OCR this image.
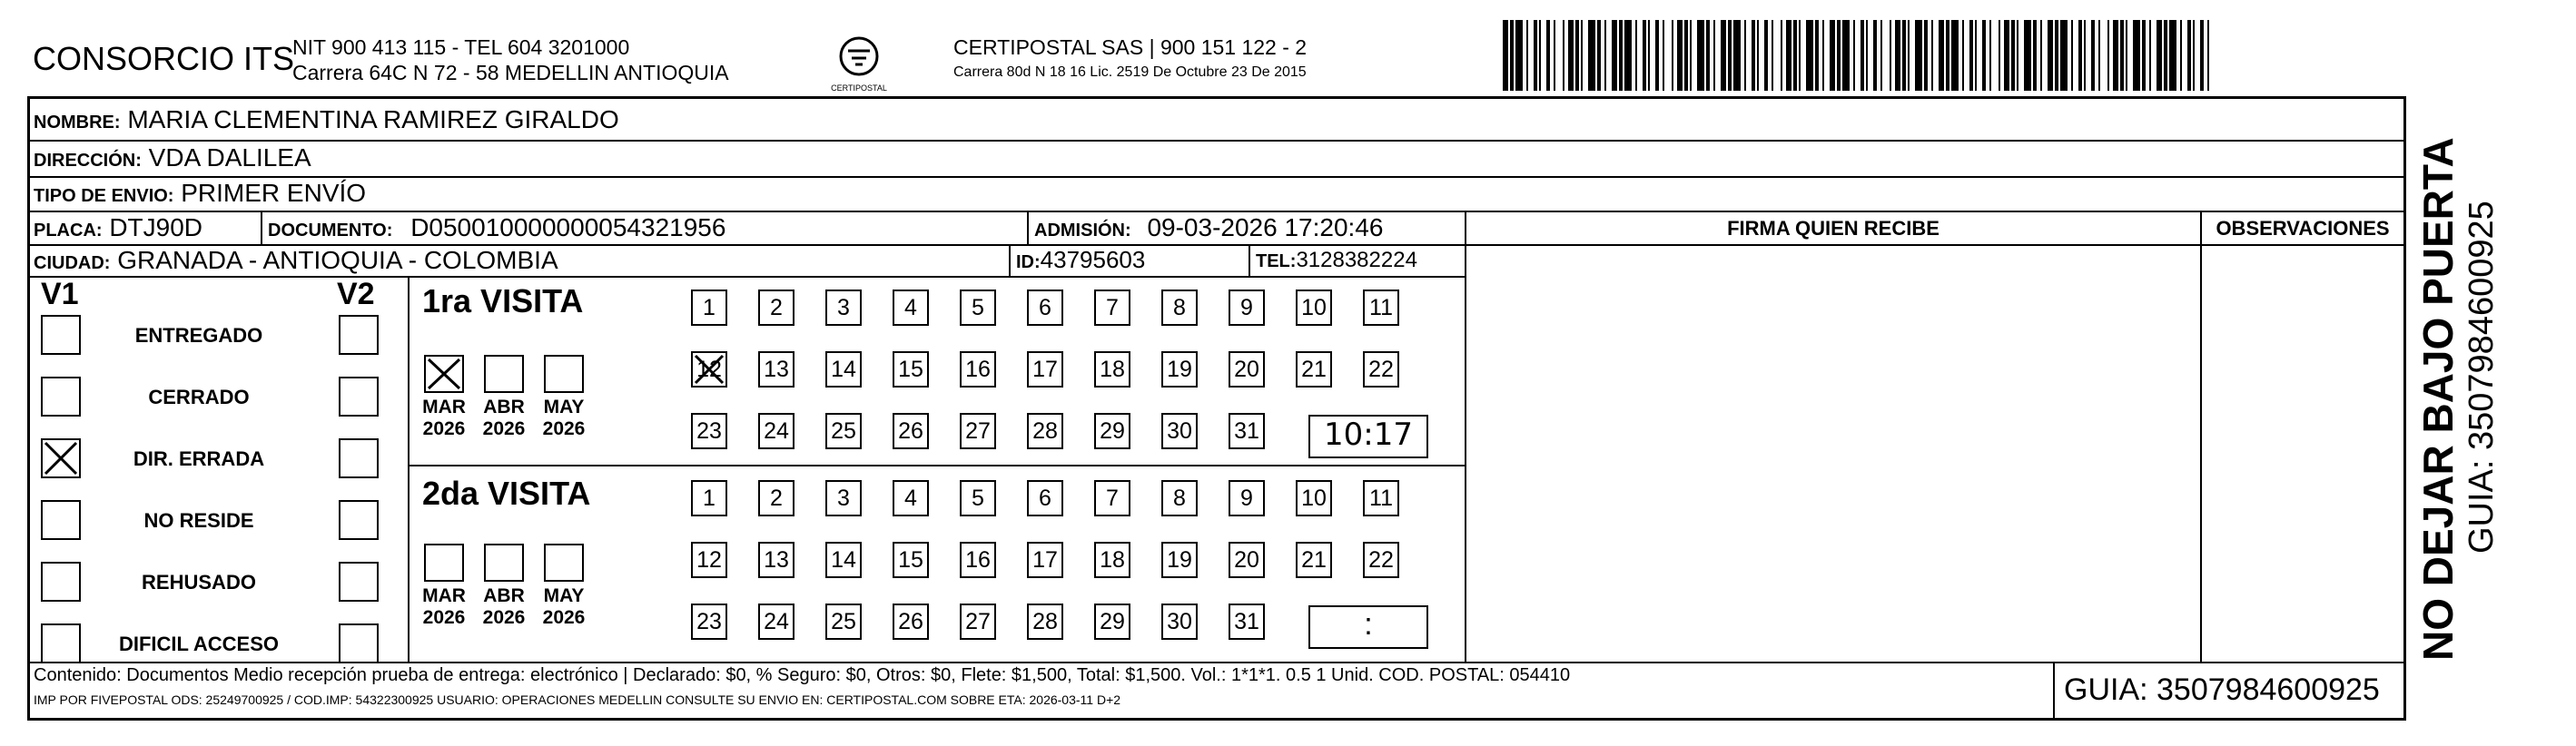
CONSORCIO ITS
NIT 900 413 115 - TEL 604 3201000
Carrera 64C N 72 - 58 MEDELLIN ANTIOQUIA
CERTIPOSTAL
CERTIPOSTAL SAS | 900 151 122 - 2
Carrera 80d N 18 16 Lic. 2519 De Octubre 23 De 2015
NOMBRE: MARIA CLEMENTINA RAMIREZ GIRALDO
DIRECCIÓN: VDA DALILEA
TIPO DE ENVIO: PRIMER ENVÍO
PLACA: DTJ90D	DOCUMENTO: D050010000000054321956	ADMISIÓN: 09-03-2026 17:20:46
CIUDAD: GRANADA - ANTIOQUIA - COLOMBIA	ID:43795603	TEL:3128382224
FIRMA QUIEN RECIBE	OBSERVACIONES
V1	V2
ENTREGADO
CERRADO
DIR. ERRADA
NO RESIDE
REHUSADO
DIFICIL ACCESO
1ra VISITA
MAR
2026
ABR
2026
MAY
2026
1	2	3	4	5	6	7	8	9	10 11
12 13 14 15 16 17 18 19 20 21 22
23 24 25 26 27 28 29 30 31	10:17
2da VISITA
MAR
2026
ABR
2026
MAY
2026
1	2	3	4	5	6	7	8	9	10 11
12 13 14 15 16 17 18 19 20 21 22
23 24 25 26 27 28 29 30 31	:
Contenido: Documentos Medio recepción prueba de entrega: electrónico | Declarado: $0, % Seguro: $0, Otros: $0, Flete: $1,500, Total: $1,500. Vol.: 1*1*1. 0.5 1 Unid. COD. POSTAL: 054410
IMP POR FIVEPOSTAL ODS: 25249700925 / COD.IMP: 54322300925 USUARIO: OPERACIONES MEDELLIN CONSULTE SU ENVIO EN: CERTIPOSTAL.COM SOBRE ETA: 2026-03-11 D+2	GUIA: 3507984600925
NO DEJAR BAJO PUERTA GUIA: 3507984600925
